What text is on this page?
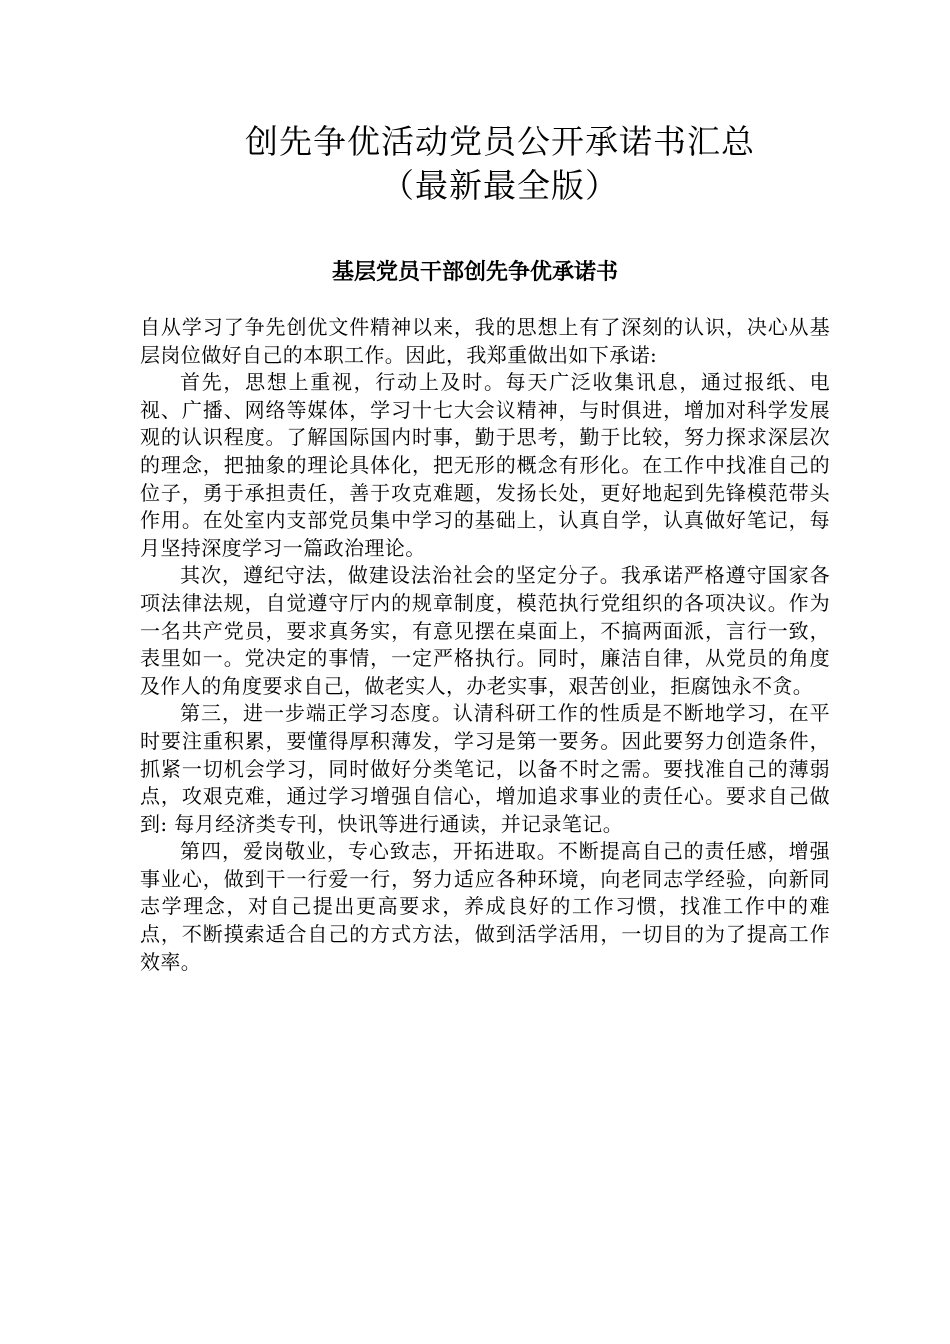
创先争优活动党员公开承诺书汇总
（最新最全版）
基层党员干部创先争优承诺书

自从学习了争先创优文件精神以来，我的思想上有了深刻的认识，决心从基层岗位做好自己的本职工作。因此，我郑重做出如下承诺:

首先，思想上重视，行动上及时。每天广泛收集讯息，通过报纸、电视、广播、网络等媒体，学习十七大会议精神，与时俱进，增加对科学发展观的认识程度。了解国际国内时事，勤于思考，勤于比较，努力探求深层次的理念，把抽象的理论具体化，把无形的概念有形化。在工作中找准自己的位子，勇于承担责任，善于攻克难题，发扬长处，更好地起到先锋模范带头作用。在处室内支部党员集中学习的基础上，认真自学，认真做好笔记，每月坚持深度学习一篇政治理论。

其次，遵纪守法，做建设法治社会的坚定分子。我承诺严格遵守国家各项法律法规，自觉遵守厅内的规章制度，模范执行党组织的各项决议。作为一名共产党员，要求真务实，有意见摆在桌面上，不搞两面派，言行一致，表里如一。党决定的事情，一定严格执行。同时，廉洁自律，从党员的角度及作人的角度要求自己，做老实人，办老实事，艰苦创业，拒腐蚀永不贪。

第三，进一步端正学习态度。认清科研工作的性质是不断地学习，在平时要注重积累，要懂得厚积薄发，学习是第一要务。因此要努力创造条件，抓紧一切机会学习，同时做好分类笔记，以备不时之需。要找准自己的薄弱点，攻艰克难，通过学习增强自信心，增加追求事业的责任心。要求自己做到: 每月经济类专刊，快讯等进行通读，并记录笔记。

第四，爱岗敬业，专心致志，开拓进取。不断提高自己的责任感，增强事业心，做到干一行爱一行，努力适应各种环境，向老同志学经验，向新同志学理念，对自己提出更高要求，养成良好的工作习惯，找准工作中的难点，不断摸索适合自己的方式方法，做到活学活用，一切目的为了提高工作效率。
